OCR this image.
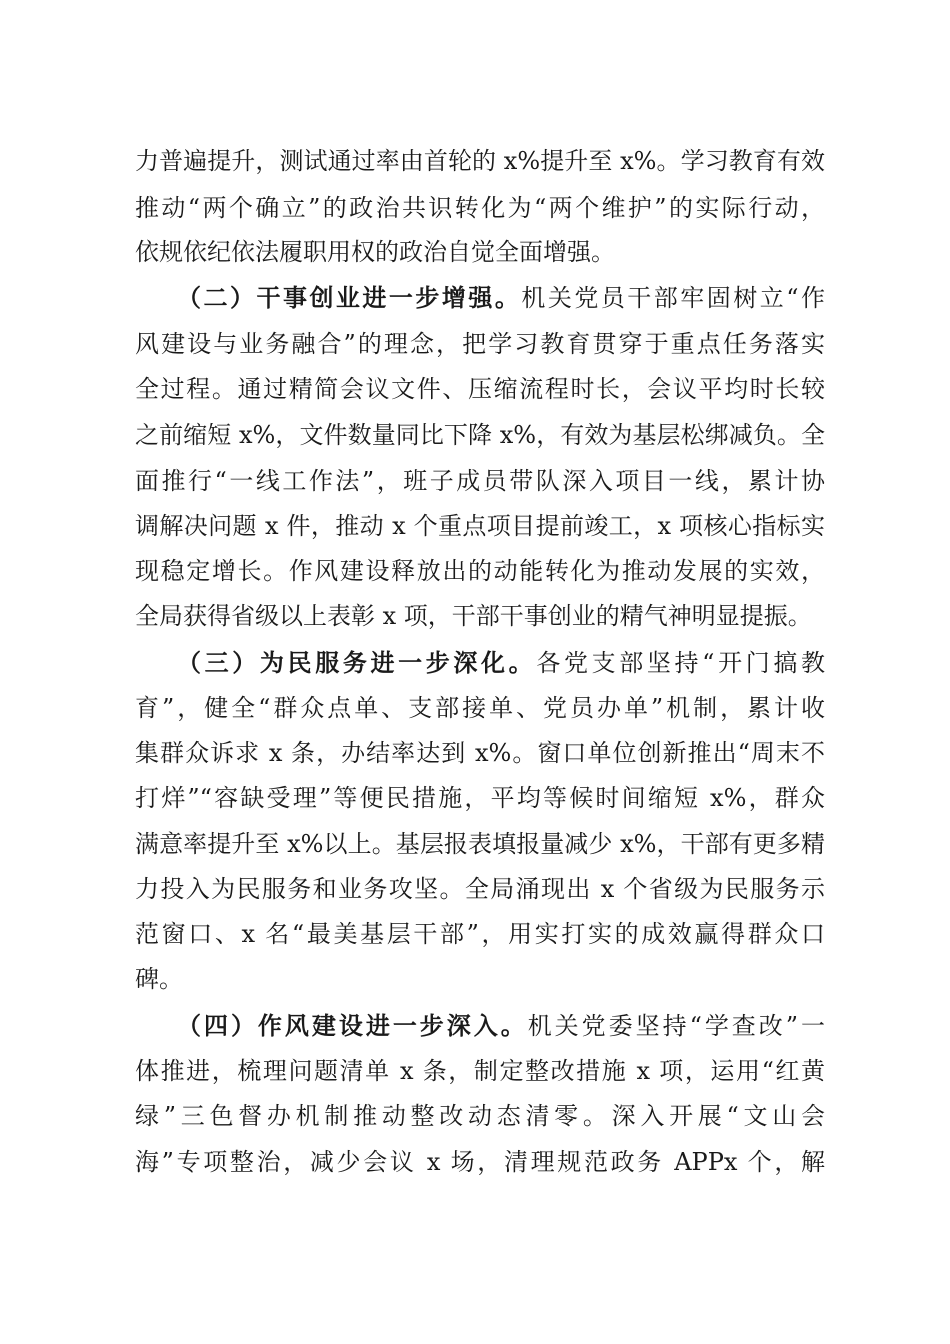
力普遍提升，测试通过率由首轮的 x%提升至 x%。学习教育有效
推动“两个确立”的政治共识转化为“两个维护”的实际行动，
依规依纪依法履职用权的政治自觉全面增强。
（二）干事创业进一步增强。机关党员干部牢固树立“作
风建设与业务融合”的理念，把学习教育贯穿于重点任务落实
全过程。通过精简会议文件、压缩流程时长，会议平均时长较
之前缩短 x%，文件数量同比下降 x%，有效为基层松绑减负。全
面推行“一线工作法”，班子成员带队深入项目一线，累计协
调解决问题 x 件，推动 x 个重点项目提前竣工，x 项核心指标实
现稳定增长。作风建设释放出的动能转化为推动发展的实效，
全局获得省级以上表彰 x 项，干部干事创业的精气神明显提振。
（三）为民服务进一步深化。各党支部坚持“开门搞教
育”，健全“群众点单、支部接单、党员办单”机制，累计收
集群众诉求 x 条，办结率达到 x%。窗口单位创新推出“周末不
打烊”“容缺受理”等便民措施，平均等候时间缩短 x%，群众
满意率提升至 x%以上。基层报表填报量减少 x%，干部有更多精
力投入为民服务和业务攻坚。全局涌现出 x 个省级为民服务示
范窗口、x 名“最美基层干部”，用实打实的成效赢得群众口
碑。
（四）作风建设进一步深入。机关党委坚持“学查改”一
体推进，梳理问题清单 x 条，制定整改措施 x 项，运用“红黄
绿”三色督办机制推动整改动态清零。深入开展“文山会
海”专项整治，减少会议 x 场，清理规范政务 APPx 个，解
